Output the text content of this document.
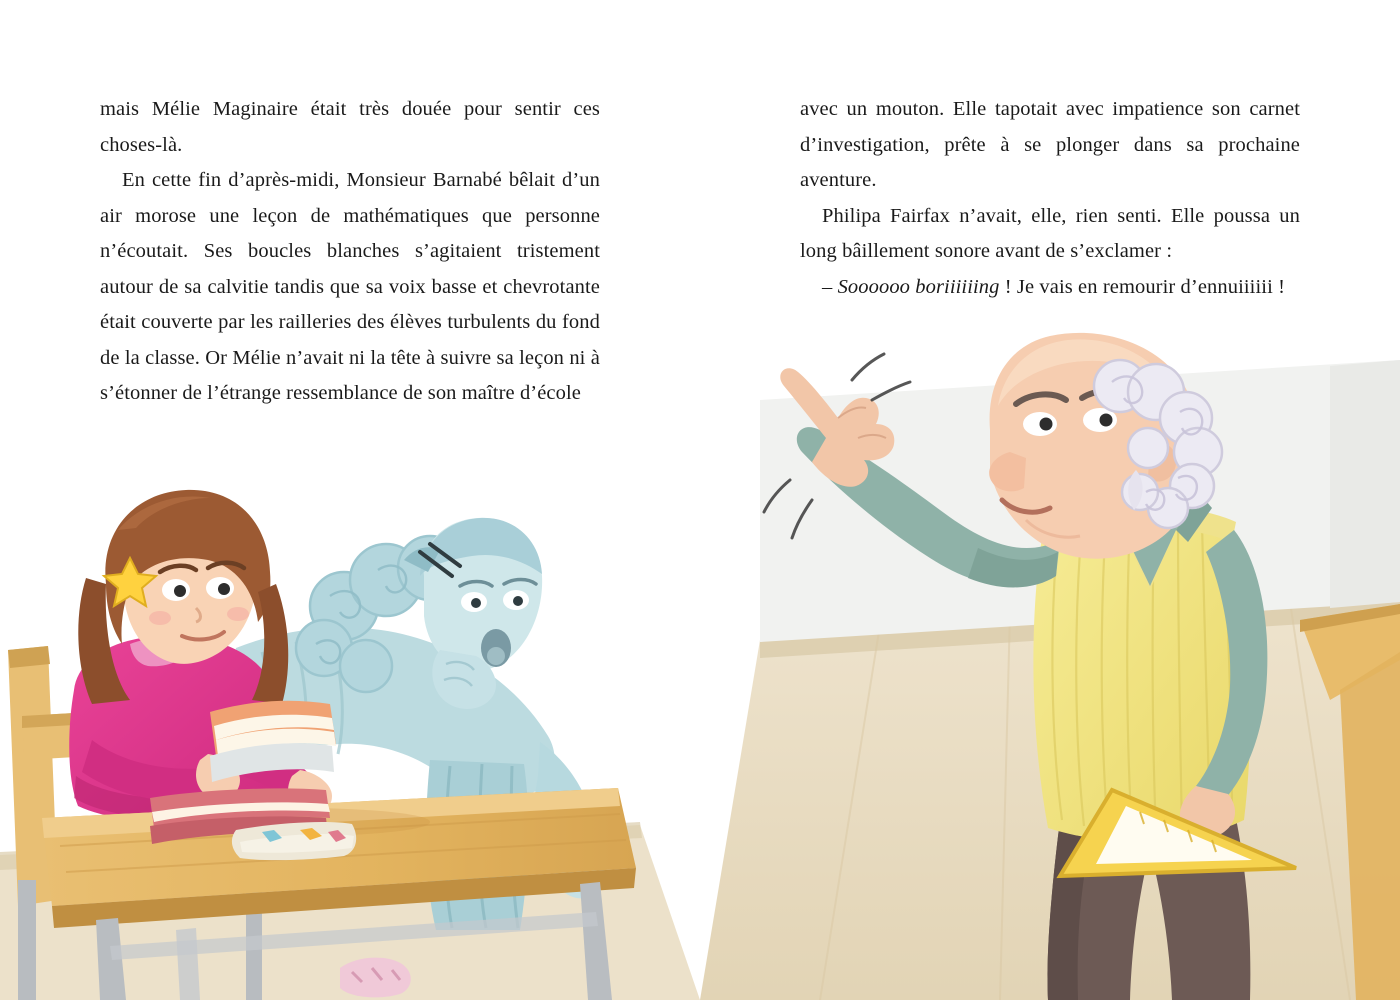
mais Mélie Maginaire était très douée pour sentir ces choses-là.

En cette fin d’après-midi, Monsieur Barnabé bêlait d’un air morose une leçon de mathématiques que personne n’écoutait. Ses boucles blanches s’agitaient tristement autour de sa calvitie tandis que sa voix basse et chevrotante était couverte par les railleries des élèves turbulents du fond de la classe. Or Mélie n’avait ni la tête à suivre sa leçon ni à s’étonner de l’étrange ressemblance de son maître d’école

avec un mouton. Elle tapotait avec impatience son carnet d’investigation, prête à se plonger dans sa prochaine aventure.

Philipa Fairfax n’avait, elle, rien senti. Elle poussa un long bâillement sonore avant de s’exclamer :

– Soooooo boriiiiiing ! Je vais en remourir d’ennuiiiiii !
